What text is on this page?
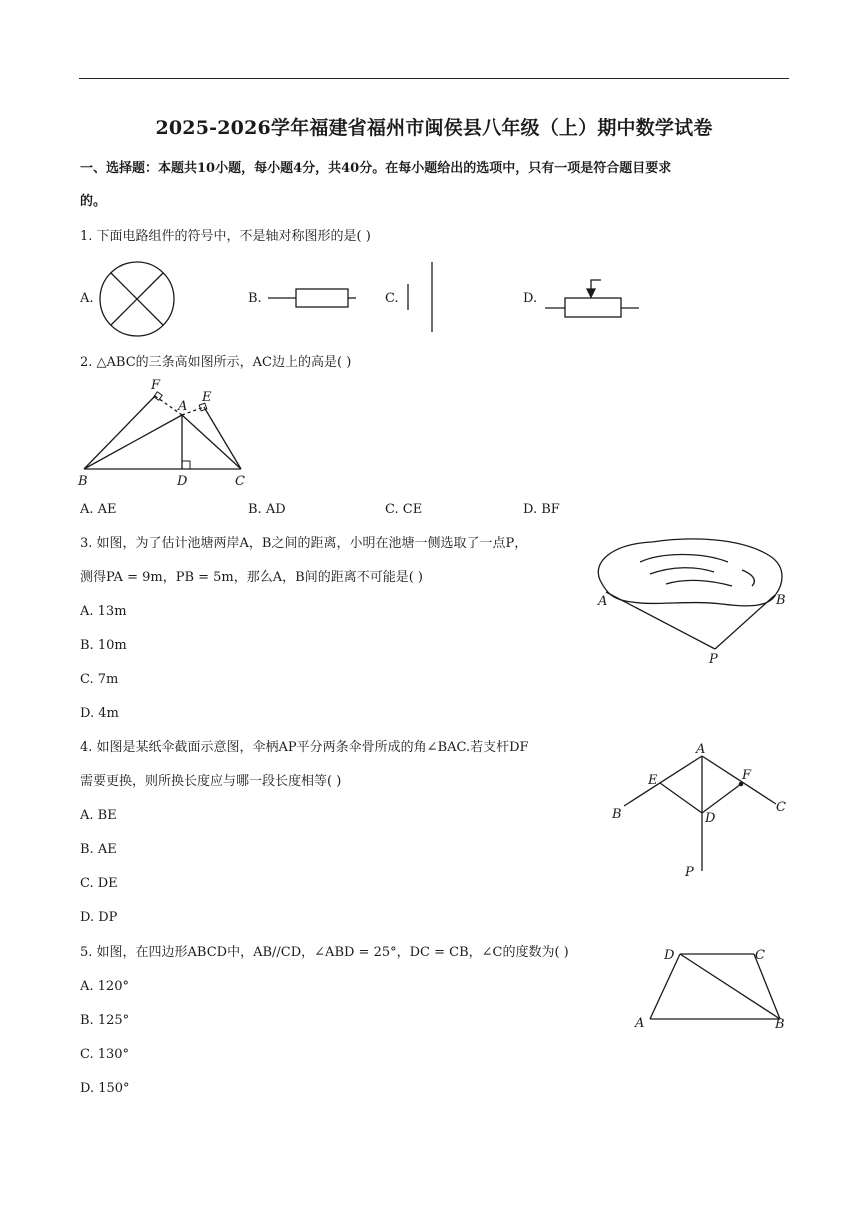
2025-2026学年福建省福州市闽侯县八年级（上）期中数学试卷
一、选择题：本题共10小题，每小题4分，共40分。在每小题给出的选项中，只有一项是符合题目要求
的。
1. 下面电路组件的符号中，不是轴对称图形的是( )
A.	B.	C.	D.
2. △ABC的三条高如图所示，AC边上的高是( )
F
A
E
B	D	C
A. AE	B. AD	C. CE	D. BF
3. 如图，为了估计池塘两岸A，B之间的距离，小明在池塘一侧选取了一点P，
测得PA = 9m，PB = 5m，那么A，B间的距离不可能是( )
A. 13m
B. 10m
C. 7m
D. 4m
A	B
P
4. 如图是某纸伞截面示意图，伞柄AP平分两条伞骨所成的角∠BAC.若支杆DF
需要更换，则所换长度应与哪一段长度相等( )
A. BE
B. AE
C. DE
D. DP
A
E	F
B	C
D
P
5. 如图，在四边形ABCD中，AB//CD，∠ABD = 25°，DC = CB，∠C的度数为( )
A. 120°
B. 125°
C. 130°
D. 150°
D	C
A	B
